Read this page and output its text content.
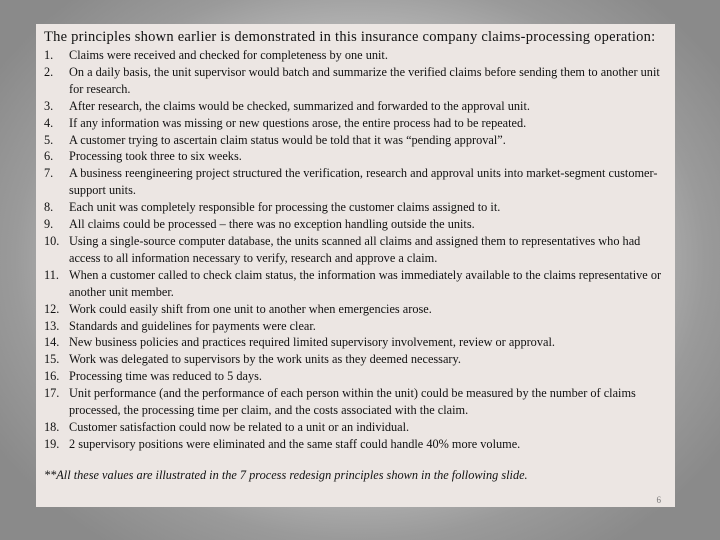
The principles shown earlier is demonstrated in this insurance company claims-processing operation:

1. Claims were received and checked for completeness by one unit.
2. On a daily basis, the unit supervisor would batch and summarize the verified claims before sending them to another unit for research.
3. After research, the claims would be checked, summarized and forwarded to the approval unit.
4. If any information was missing or new questions arose, the entire process had to be repeated.
5. A customer trying to ascertain claim status would be told that it was “pending approval”.
6. Processing took three to six weeks.
7. A business reengineering project structured the verification, research and approval units into market-segment customer-support units.
8. Each unit was completely responsible for processing the customer claims assigned to it.
9. All claims could be processed – there was no exception handling outside the units.
10. Using a single-source computer database, the units scanned all claims and assigned them to representatives who had access to all information necessary to verify, research and approve a claim.
11. When a customer called to check claim status, the information was immediately available to the claims representative or another unit member.
12. Work could easily shift from one unit to another when emergencies arose.
13. Standards and guidelines for payments were clear.
14. New business policies and practices required limited supervisory involvement, review or approval.
15. Work was delegated to supervisors by the work units as they deemed necessary.
16. Processing time was reduced to 5 days.
17. Unit performance (and the performance of each person within the unit) could be measured by the number of claims processed, the processing time per claim, and the costs associated with the claim.
18. Customer satisfaction could now be related to a unit or an individual.
19. 2 supervisory positions were eliminated and the same staff could handle 40% more volume.

**All these values are illustrated in the 7 process redesign principles shown in the following slide.

6
